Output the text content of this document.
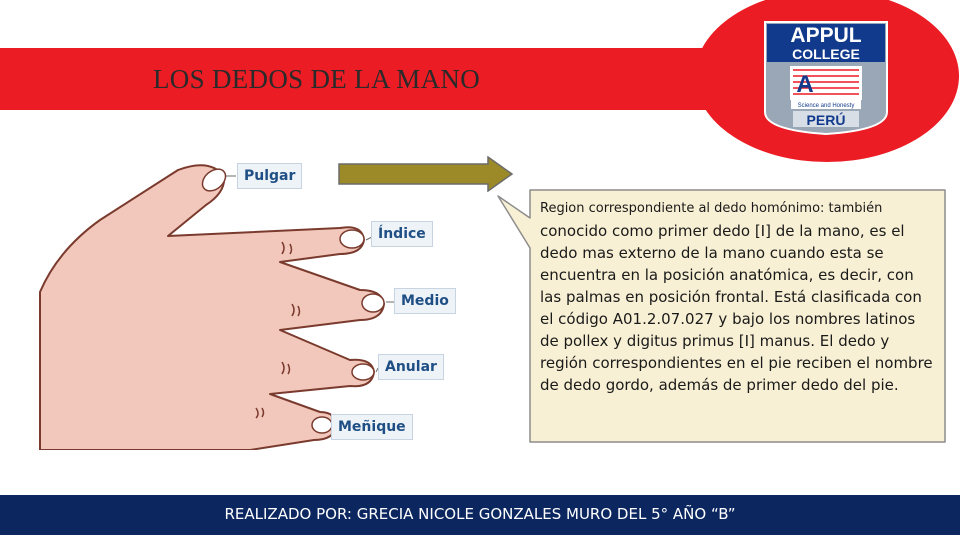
LOS DEDOS DE LA MANO
APPUL
COLLEGE
A
Science and Honesty
PERÚ
Pulgar
Índice
Medio
Anular
Meñique

Region correspondiente al dedo homónimo: también

conocido como primer dedo [I] de la mano, es el dedo mas externo de la mano cuando esta se encuentra en la posición anatómica, es decir, con las palmas en posición frontal. Está clasificada con el código A01.2.07.027 y bajo los nombres latinos de pollex y digitus primus [I] manus. El dedo y región correspondientes en el pie reciben el nombre de dedo gordo, además de primer dedo del pie.

REALIZADO POR: GRECIA NICOLE GONZALES MURO DEL 5° AÑO “B”
